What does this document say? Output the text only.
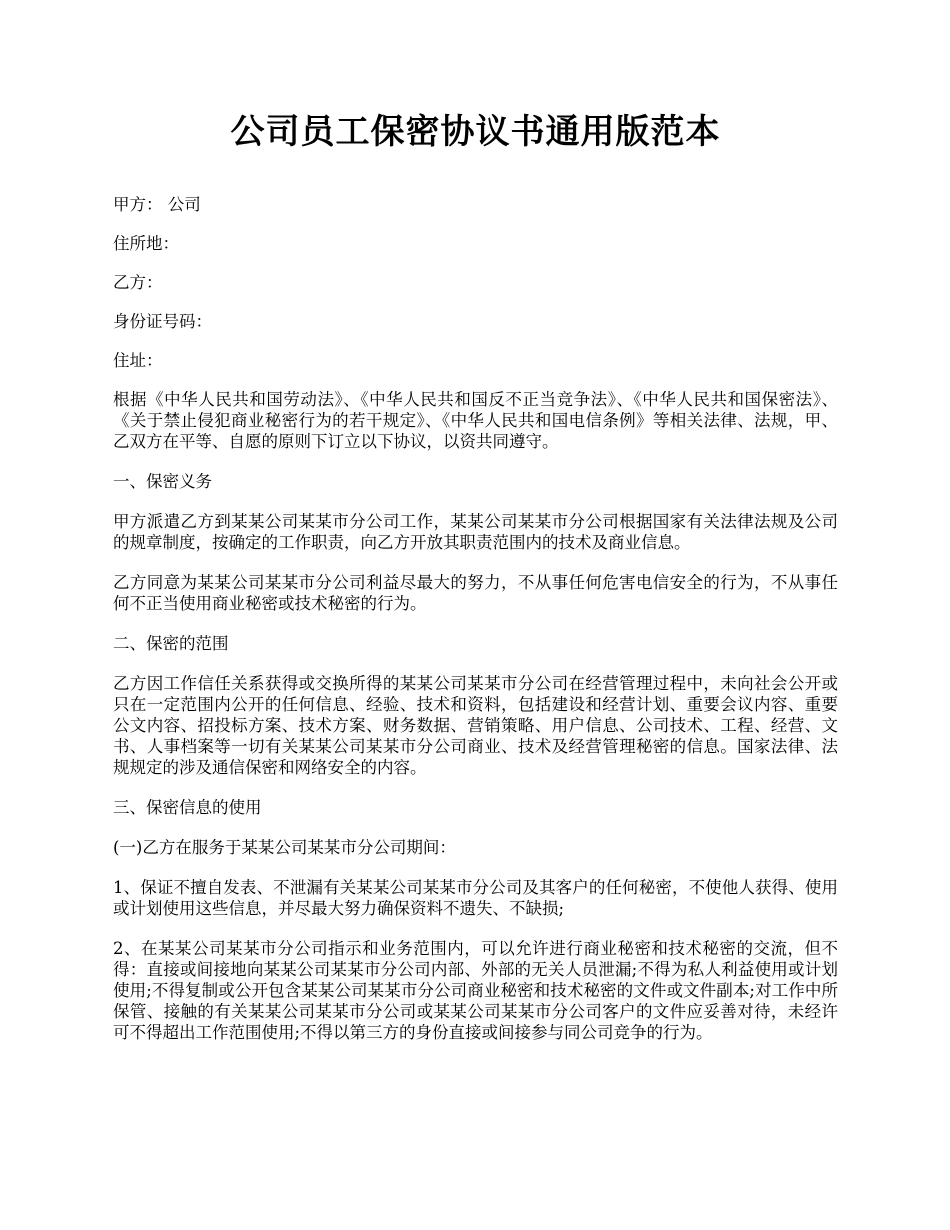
公司员工保密协议书通用版范本

甲方： 公司

住所地：

乙方：

身份证号码：

住址：

根据《中华人民共和国劳动法》、《中华人民共和国反不正当竞争法》、《中华人民共和国保密法》、《关于禁止侵犯商业秘密行为的若干规定》、《中华人民共和国电信条例》等相关法律、法规，甲、乙双方在平等、自愿的原则下订立以下协议，以资共同遵守。

一、保密义务

甲方派遣乙方到某某公司某某市分公司工作，某某公司某某市分公司根据国家有关法律法规及公司的规章制度，按确定的工作职责，向乙方开放其职责范围内的技术及商业信息。

乙方同意为某某公司某某市分公司利益尽最大的努力，不从事任何危害电信安全的行为，不从事任何不正当使用商业秘密或技术秘密的行为。

二、保密的范围

乙方因工作信任关系获得或交换所得的某某公司某某市分公司在经营管理过程中，未向社会公开或只在一定范围内公开的任何信息、经验、技术和资料，包括建设和经营计划、重要会议内容、重要公文内容、招投标方案、技术方案、财务数据、营销策略、用户信息、公司技术、工程、经营、文书、人事档案等一切有关某某公司某某市分公司商业、技术及经营管理秘密的信息。国家法律、法规规定的涉及通信保密和网络安全的内容。

三、保密信息的使用

(一)乙方在服务于某某公司某某市分公司期间：

1、保证不擅自发表、不泄漏有关某某公司某某市分公司及其客户的任何秘密，不使他人获得、使用或计划使用这些信息，并尽最大努力确保资料不遗失、不缺损;

2、在某某公司某某市分公司指示和业务范围内，可以允许进行商业秘密和技术秘密的交流，但不得：直接或间接地向某某公司某某市分公司内部、外部的无关人员泄漏;不得为私人利益使用或计划使用;不得复制或公开包含某某公司某某市分公司商业秘密和技术秘密的文件或文件副本;对工作中所保管、接触的有关某某公司某某市分公司或某某公司某某市分公司客户的文件应妥善对待，未经许可不得超出工作范围使用;不得以第三方的身份直接或间接参与同公司竞争的行为。
